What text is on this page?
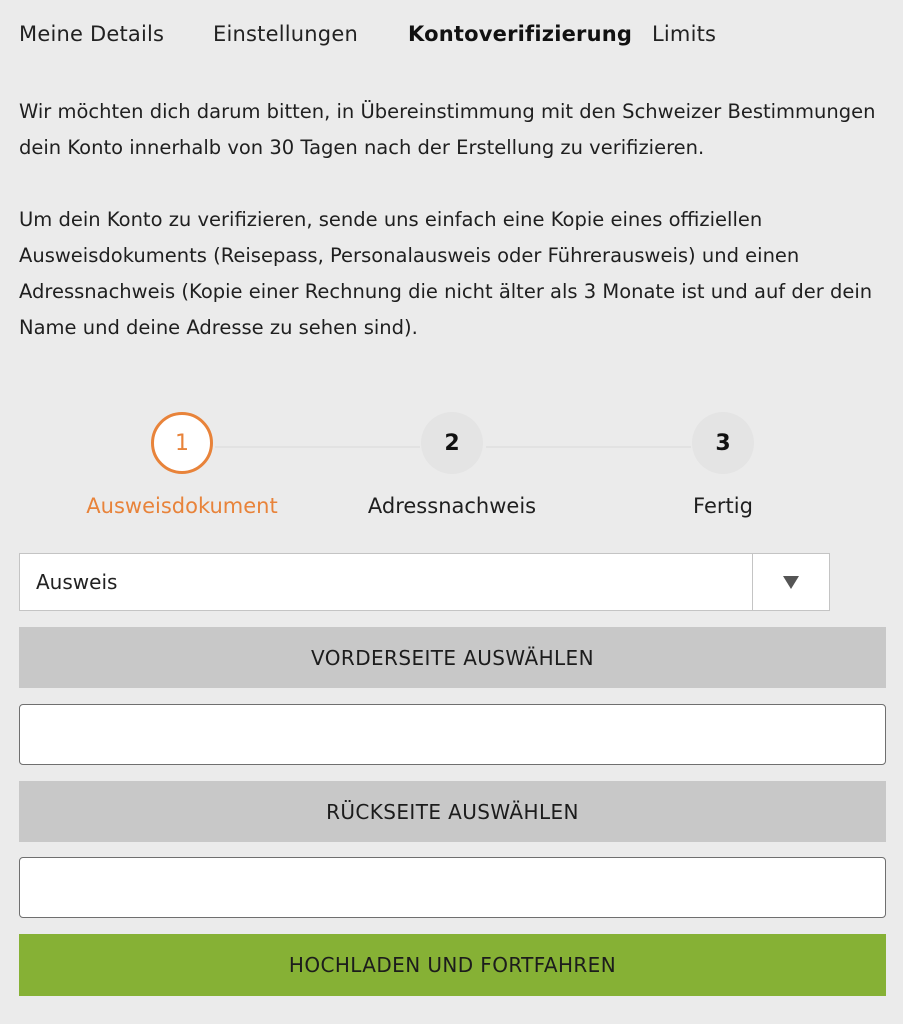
Meine Details	Einstellungen	Kontoverifizierung Limits

Wir möchten dich darum bitten, in Übereinstimmung mit den Schweizer Bestimmungen dein Konto innerhalb von 30 Tagen nach der Erstellung zu verifizieren.

Um dein Konto zu verifizieren, sende uns einfach eine Kopie eines offiziellen Ausweisdokuments (Reisepass, Personalausweis oder Führerausweis) und einen Adressnachweis (Kopie einer Rechnung die nicht älter als 3 Monate ist und auf der dein Name und deine Adresse zu sehen sind).

1
Ausweisdokument
2
Adressnachweis
3
Fertig
Ausweis
VORDERSEITE AUSWÄHLEN
RÜCKSEITE AUSWÄHLEN
HOCHLADEN UND FORTFAHREN
